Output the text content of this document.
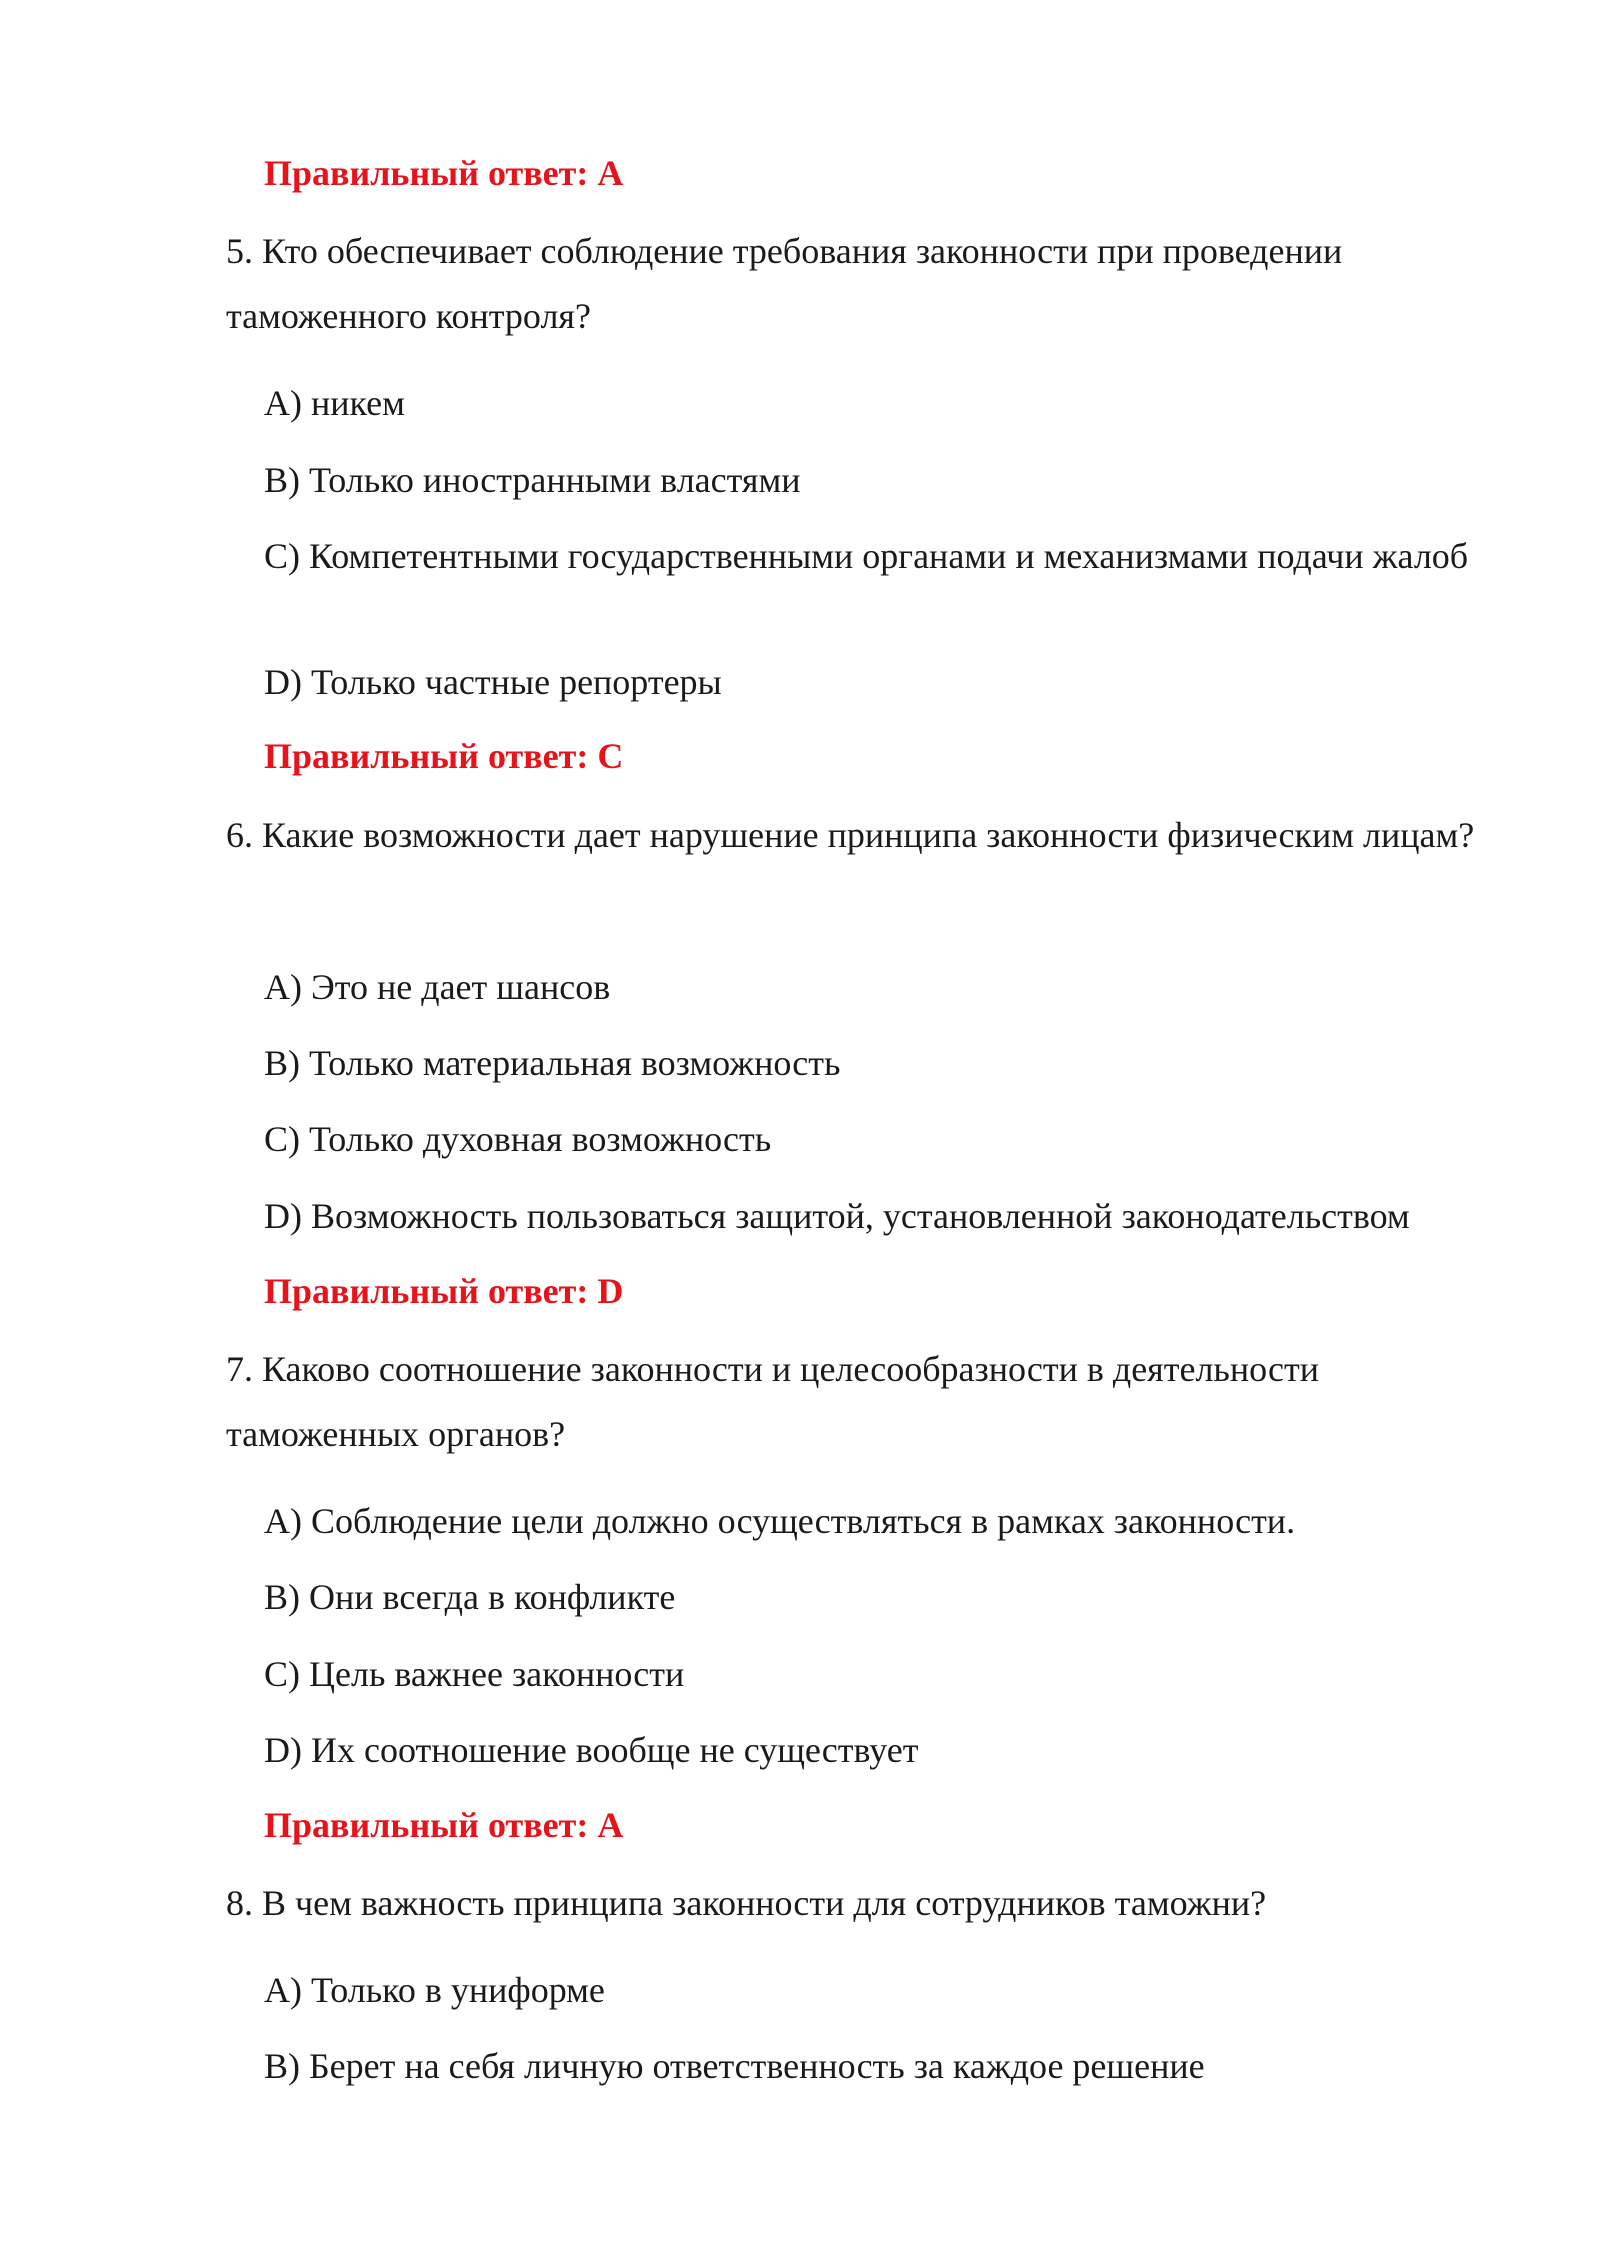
Правильный ответ: А
5. Кто обеспечивает соблюдение требования законности при проведении таможенного контроля?
А) никем
B) Только иностранными властями
C) Компетентными государственными органами и механизмами подачи жалоб
D) Только частные репортеры
Правильный ответ: С
6. Какие возможности дает нарушение принципа законности физическим лицам?
А) Это не дает шансов
B) Только материальная возможность
C) Только духовная возможность
D) Возможность пользоваться защитой, установленной законодательством
Правильный ответ: D
7. Каково соотношение законности и целесообразности в деятельности таможенных органов?
А) Соблюдение цели должно осуществляться в рамках законности.
B) Они всегда в конфликте
C) Цель важнее законности
D) Их соотношение вообще не существует
Правильный ответ: А
8. В чем важность принципа законности для сотрудников таможни?
А) Только в униформе
B) Берет на себя личную ответственность за каждое решение
